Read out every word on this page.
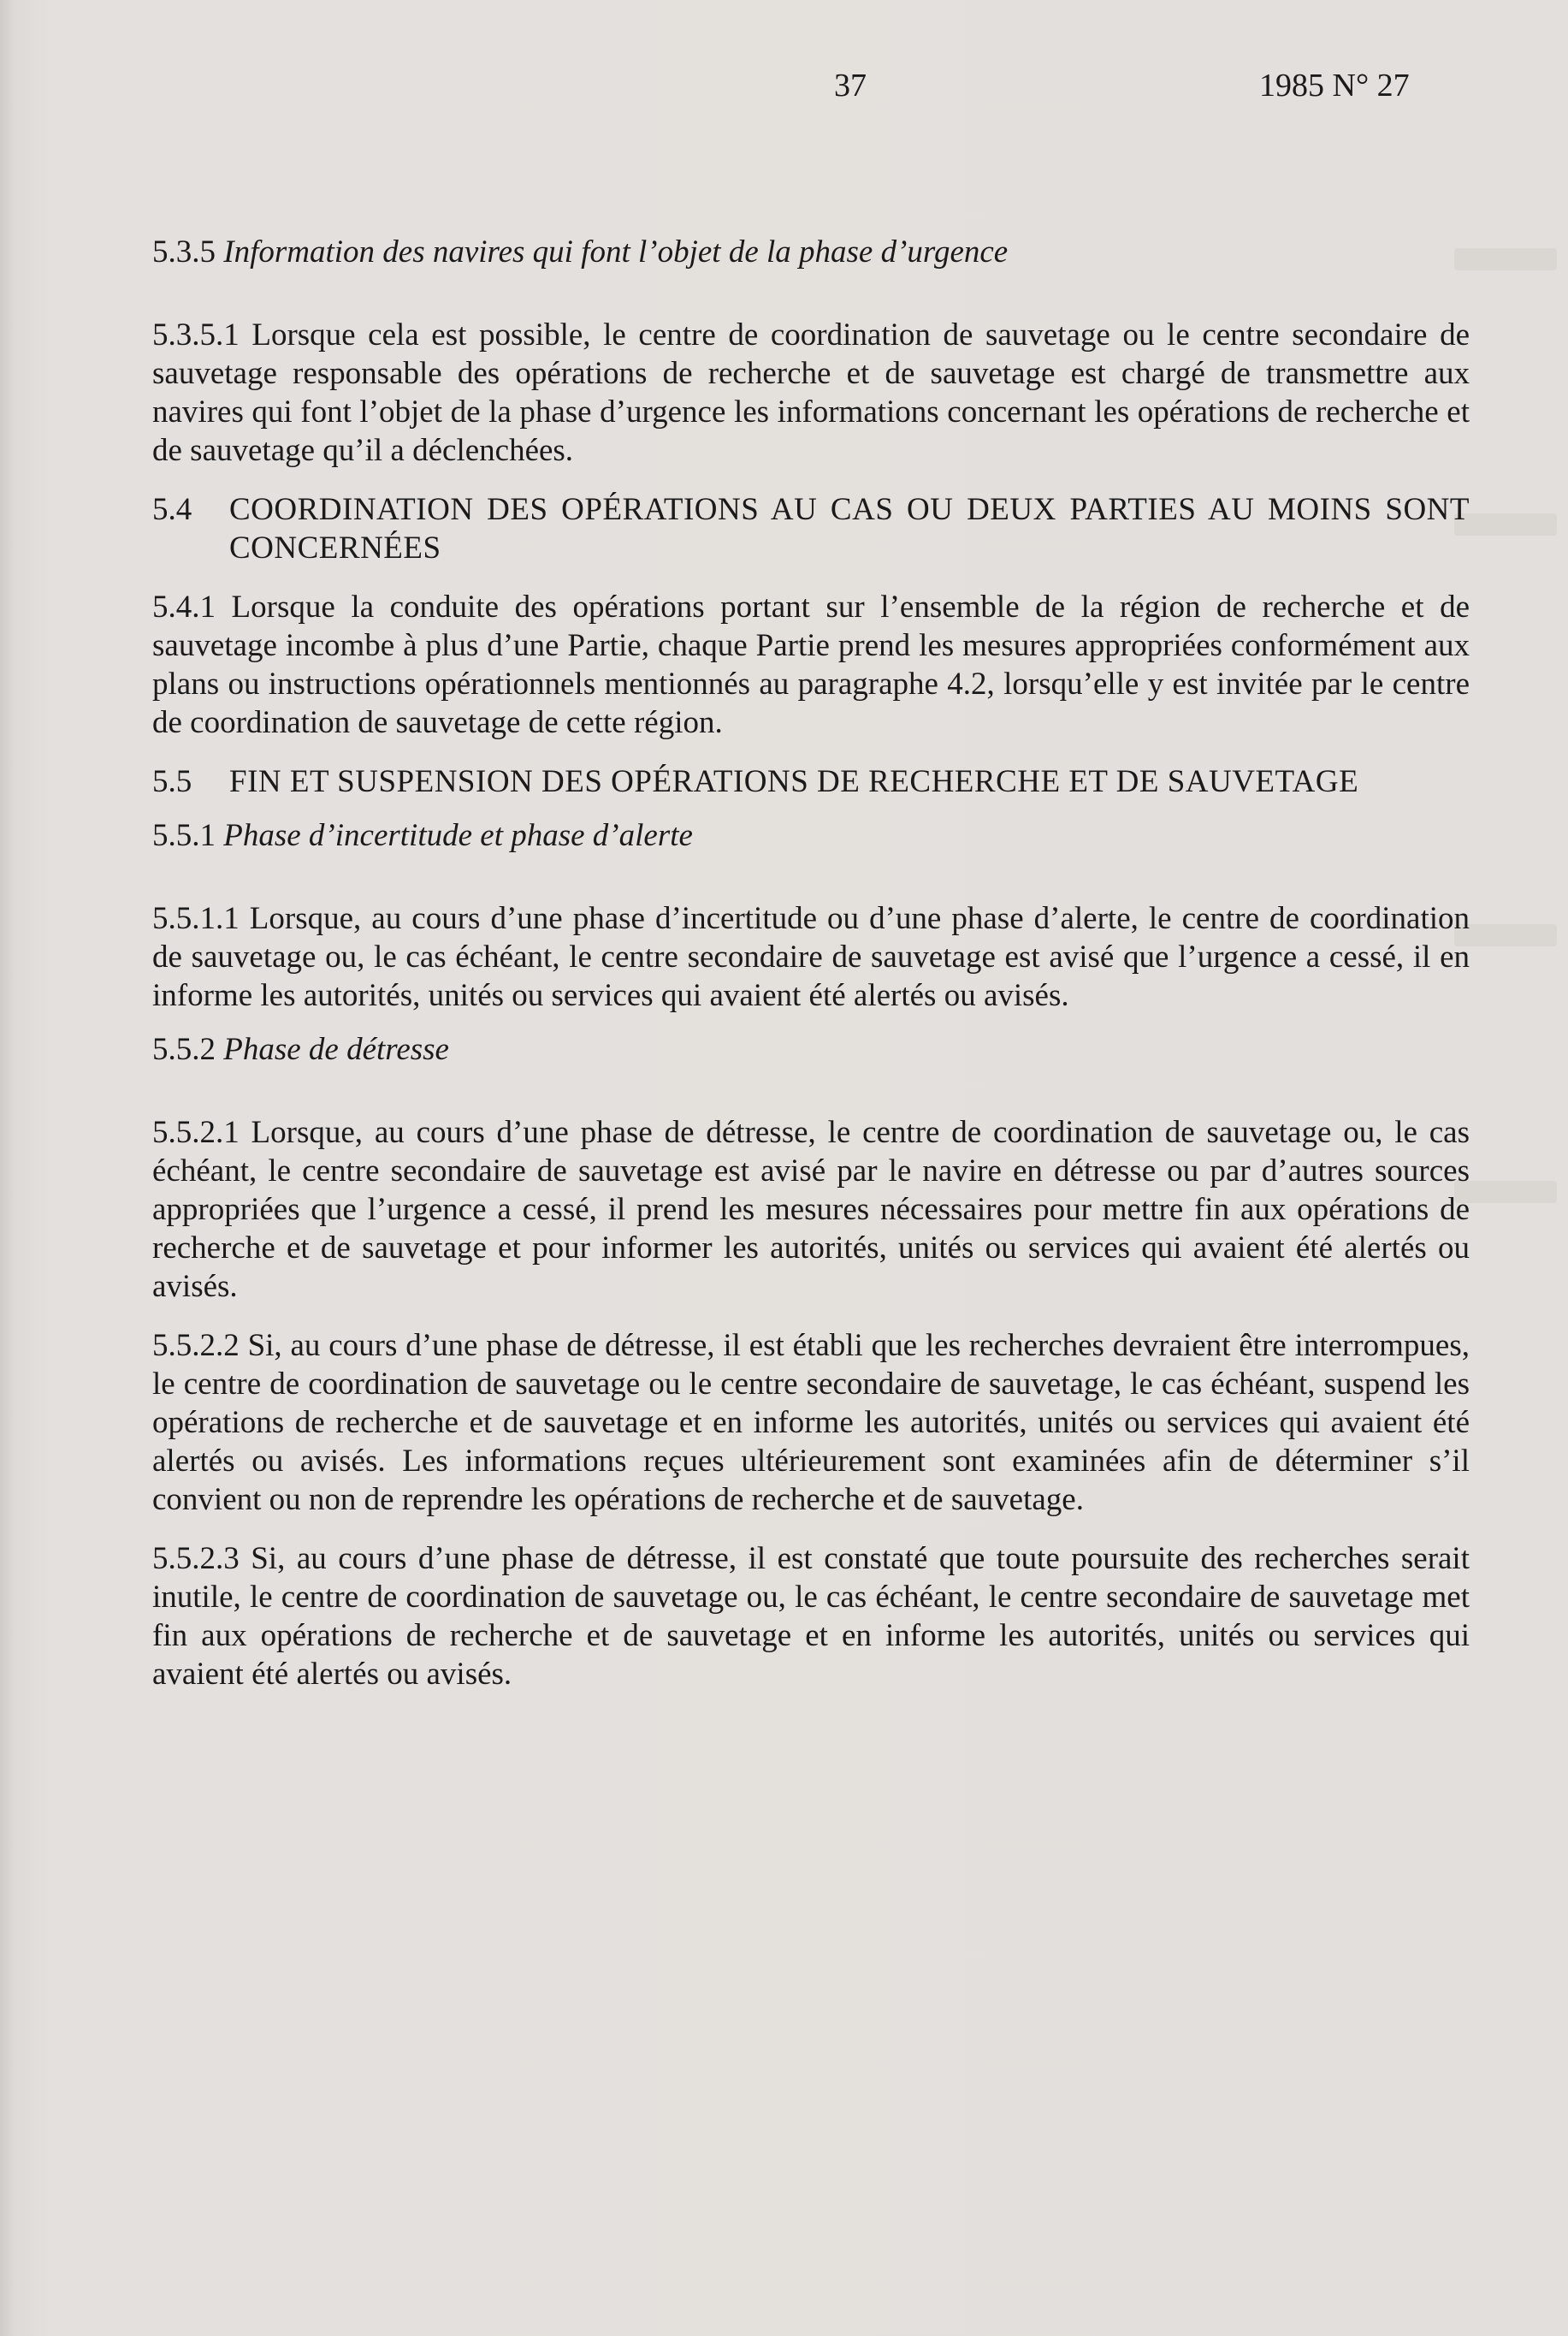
37	1985 N° 27

5.3.5 Information des navires qui font l’objet de la phase d’urgence

5.3.5.1 Lorsque cela est possible, le centre de coordination de sauvetage ou le centre secondaire de sauvetage responsable des opérations de recherche et de sauvetage est chargé de transmettre aux navires qui font l’objet de la phase d’urgence les informations concernant les opérations de recherche et de sauvetage qu’il a déclenchées.

5.4	COORDINATION DES OPÉRATIONS AU CAS OU DEUX PARTIES AU MOINS SONT CONCERNÉES

5.4.1 Lorsque la conduite des opérations portant sur l’ensemble de la région de recherche et de sauvetage incombe à plus d’une Partie, chaque Partie prend les mesures appropriées conformément aux plans ou instructions opérationnels mentionnés au paragraphe 4.2, lorsqu’elle y est invitée par le centre de coordination de sauvetage de cette région.

5.5	FIN ET SUSPENSION DES OPÉRATIONS DE RECHERCHE ET DE SAUVETAGE

5.5.1 Phase d’incertitude et phase d’alerte

5.5.1.1 Lorsque, au cours d’une phase d’incertitude ou d’une phase d’alerte, le centre de coordination de sauvetage ou, le cas échéant, le centre secondaire de sauvetage est avisé que l’urgence a cessé, il en informe les autorités, unités ou services qui avaient été alertés ou avisés.

5.5.2 Phase de détresse

5.5.2.1 Lorsque, au cours d’une phase de détresse, le centre de coordination de sauvetage ou, le cas échéant, le centre secondaire de sauvetage est avisé par le navire en détresse ou par d’autres sources appropriées que l’urgence a cessé, il prend les mesures nécessaires pour mettre fin aux opérations de recherche et de sauvetage et pour informer les autorités, unités ou services qui avaient été alertés ou avisés.

5.5.2.2 Si, au cours d’une phase de détresse, il est établi que les recherches devraient être interrompues, le centre de coordination de sauvetage ou le centre secondaire de sauvetage, le cas échéant, suspend les opérations de recherche et de sauvetage et en informe les autorités, unités ou services qui avaient été alertés ou avisés. Les informations reçues ultérieurement sont examinées afin de déterminer s’il convient ou non de reprendre les opérations de recherche et de sauvetage.

5.5.2.3 Si, au cours d’une phase de détresse, il est constaté que toute poursuite des recherches serait inutile, le centre de coordination de sauvetage ou, le cas échéant, le centre secondaire de sauvetage met fin aux opérations de recherche et de sauvetage et en informe les autorités, unités ou services qui avaient été alertés ou avisés.
